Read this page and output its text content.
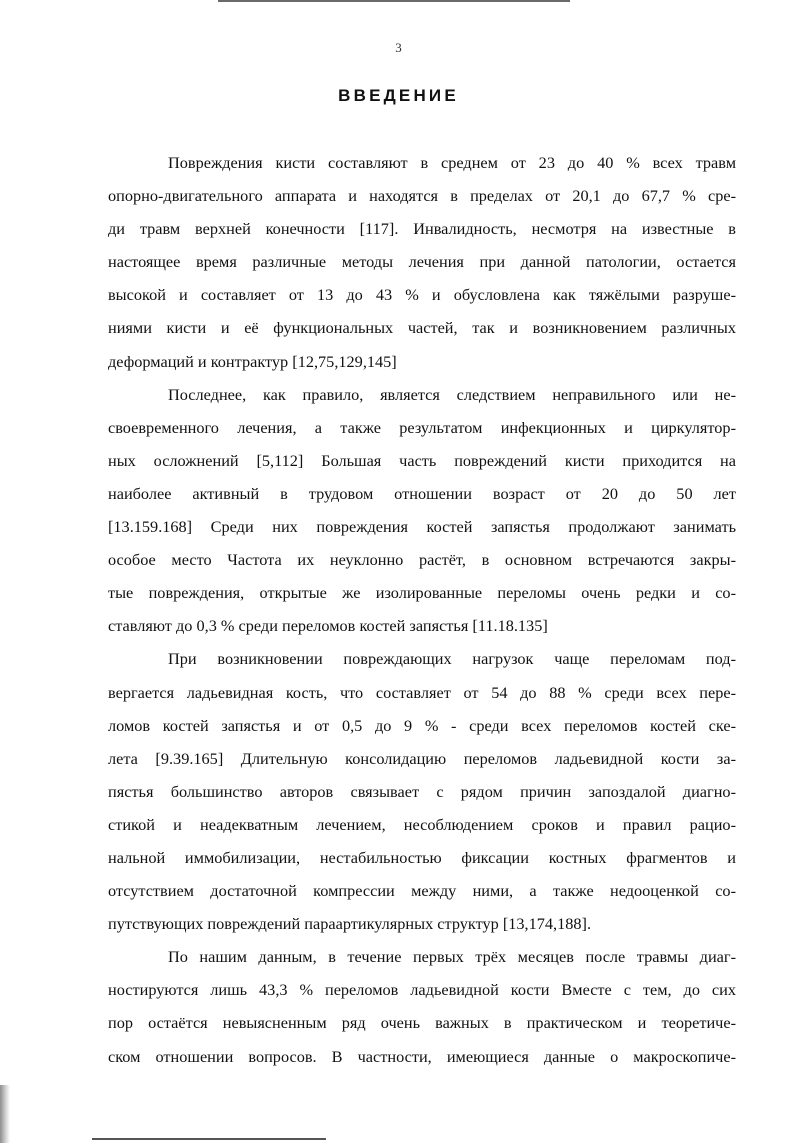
3
ВВЕДЕНИЕ
Повреждения кисти составляют в среднем от 23 до 40 % всех травм
опорно-двигательного аппарата и находятся в пределах от 20,1 до 67,7 % сре-
ди травм верхней конечности [117]. Инвалидность, несмотря на известные в
настоящее время различные методы лечения при данной патологии, остается
высокой и составляет от 13 до 43 % и обусловлена как тяжёлыми разруше-
ниями кисти и её функциональных частей, так и возникновением различных
деформаций и контрактур [12,75,129,145]
Последнее, как правило, является следствием неправильного или не-
своевременного лечения, а также результатом инфекционных и циркулятор-
ных осложнений [5,112] Большая часть повреждений кисти приходится на
наиболее активный в трудовом отношении возраст от 20 до 50 лет
[13.159.168] Среди них повреждения костей запястья продолжают занимать
особое место Частота их неуклонно растёт, в основном встречаются закры-
тые повреждения, открытые же изолированные переломы очень редки и со-
ставляют до 0,3 % среди переломов костей запястья [11.18.135]
При возникновении повреждающих нагрузок чаще переломам под-
вергается ладьевидная кость, что составляет от 54 до 88 % среди всех пере-
ломов костей запястья и от 0,5 до 9 % - среди всех переломов костей ске-
лета [9.39.165] Длительную консолидацию переломов ладьевидной кости за-
пястья большинство авторов связывает с рядом причин запоздалой диагно-
стикой и неадекватным лечением, несоблюдением сроков и правил рацио-
нальной иммобилизации, нестабильностью фиксации костных фрагментов и
отсутствием достаточной компрессии между ними, а также недооценкой со-
путствующих повреждений параартикулярных структур [13,174,188].
По нашим данным, в течение первых трёх месяцев после травмы диаг-
ностируются лишь 43,3 % переломов ладьевидной кости Вместе с тем, до сих
пор остаётся невыясненным ряд очень важных в практическом и теоретиче-
ском отношении вопросов. В частности, имеющиеся данные о макроскопиче-
